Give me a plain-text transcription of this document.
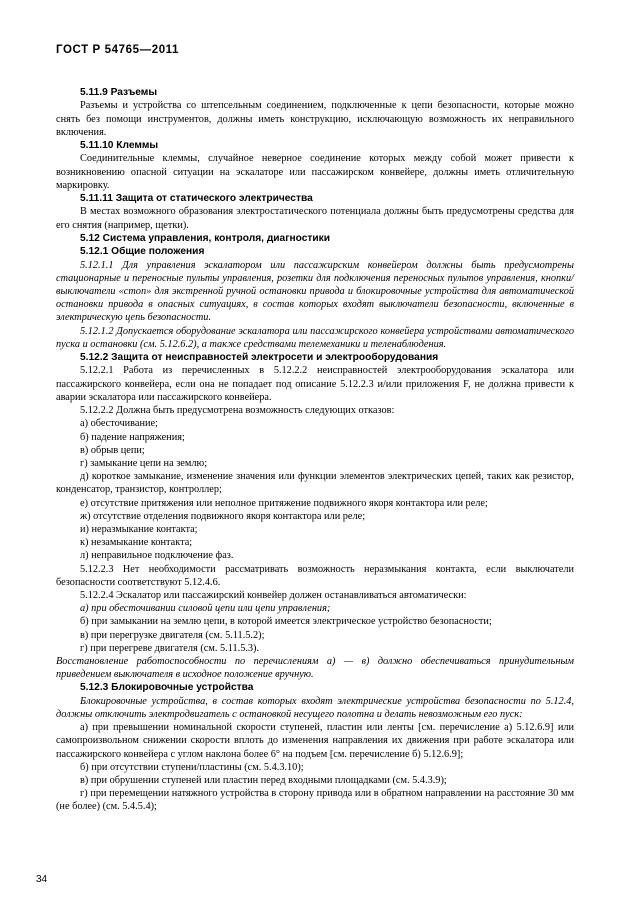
ГОСТ Р 54765—2011

5.11.9 Разъемы

Разъемы и устройства со штепсельным соединением, подключенные к цепи безопасности, которые можно снять без помощи инструментов, должны иметь конструкцию, исключающую возможность их неправильного включения.

5.11.10 Клеммы

Соединительные клеммы, случайное неверное соединение которых между собой может привести к возникновению опасной ситуации на эскалаторе или пассажирском конвейере, должны иметь отличительную маркировку.

5.11.11 Защита от статического электричества

В местах возможного образования электростатического потенциала должны быть предусмотрены средства для его снятия (например, щетки).

5.12 Система управления, контроля, диагностики

5.12.1 Общие положения

5.12.1.1 Для управления эскалатором или пассажирским конвейером должны быть предусмотрены стационарные и переносные пульты управления, розетки для подключения переносных пультов управления, кнопки/выключатели «стоп» для экстренной ручной остановки привода и блокировочные устройства для автоматической остановки привода в опасных ситуациях, в состав которых входят выключатели безопасности, включенные в электрическую цепь безопасности.

5.12.1.2 Допускается оборудование эскалатора или пассажирского конвейера устройствами автоматического пуска и остановки (см. 5.12.6.2), а также средствами телемеханики и теленаблюдения.

5.12.2 Защита от неисправностей электросети и электрооборудования

5.12.2.1 Работа из перечисленных в 5.12.2.2 неисправностей электрооборудования эскалатора или пассажирского конвейера, если она не попадает под описание 5.12.2.3 и/или приложения F, не должна привести к аварии эскалатора или пассажирского конвейера.

5.12.2.2 Должна быть предусмотрена возможность следующих отказов:

а) обесточивание;

б) падение напряжения;

в) обрыв цепи;

г) замыкание цепи на землю;

д) короткое замыкание, изменение значения или функции элементов электрических цепей, таких как резистор, конденсатор, транзистор, контроллер;

е) отсутствие притяжения или неполное притяжение подвижного якоря контактора или реле;

ж) отсутствие отделения подвижного якоря контактора или реле;

и) неразмыкание контакта;

к) незамыкание контакта;

л) неправильное подключение фаз.

5.12.2.3 Нет необходимости рассматривать возможность неразмыкания контакта, если выключатели безопасности соответствуют 5.12.4.6.

5.12.2.4 Эскалатор или пассажирский конвейер должен останавливаться автоматически:

а) при обесточивании силовой цепи или цепи управления;

б) при замыкании на землю цепи, в которой имеется электрическое устройство безопасности;

в) при перегрузке двигателя (см. 5.11.5.2);

г) при перегреве двигателя (см. 5.11.5.3).

Восстановление работоспособности по перечислениям а) — в) должно обеспечиваться принудительным приведением выключателя в исходное положение вручную.

5.12.3 Блокировочные устройства

Блокировочные устройства, в состав которых входят электрические устройства безопасности по 5.12.4, должны отключить электродвигатель с остановкой несущего полотна и делать невозможным его пуск:

а) при превышении номинальной скорости ступеней, пластин или ленты [см. перечисление а) 5.12.6.9] или самопроизвольном снижении скорости вплоть до изменения направления их движения при работе эскалатора или пассажирского конвейера с углом наклона более 6° на подъем [см. перечисление б) 5.12.6.9];

б) при отсутствии ступени/пластины (см. 5.4.3.10);

в) при обрушении ступеней или пластин перед входными площадками (см. 5.4.3.9);

г) при перемещении натяжного устройства в сторону привода или в обратном направлении на расстояние 30 мм (не более) (см. 5.4.5.4);

34
